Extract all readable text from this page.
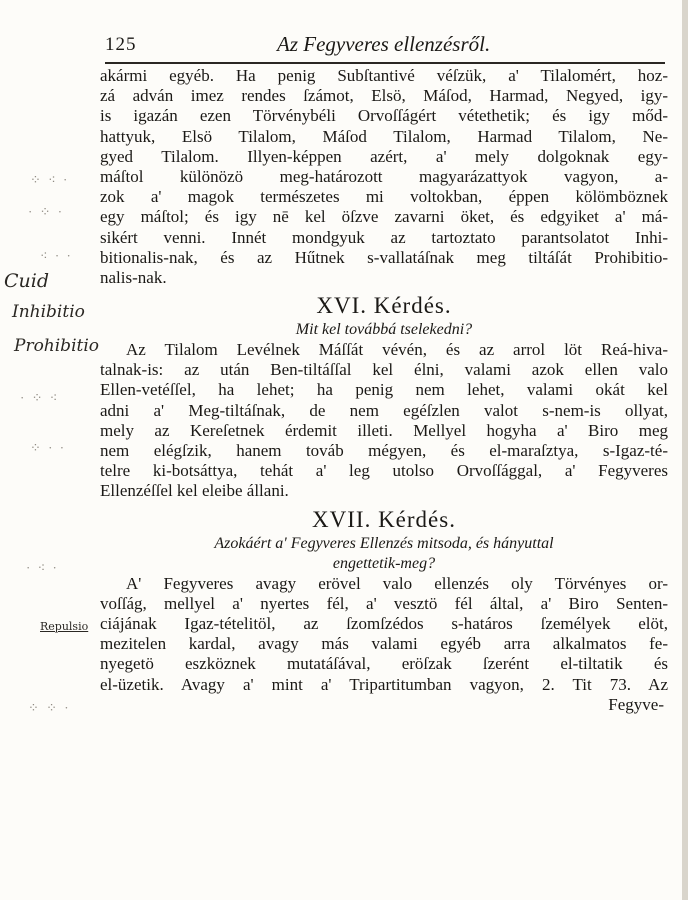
125	Az Fegyveres ellenzésről.
⁘ ⁖ ·
· ⁘ ·
⁖ · ·
· ⁘ ⁖
⁘ · ·
· ⁖ ·
⁘ ⁘ ·
Cuid
Inhibitio
Prohibitio
Repulsio
akármi egyéb. Ha penig Subſtantivé véſzük, a' Tilalomért, hoz-
zá adván imez rendes ſzámot, Elsö, Máſod, Harmad, Negyed, igy-
is igazán ezen Törvénybéli Orvoſſágért vétethetik; és igy mőd-
hattyuk, Elsö Tilalom, Máſod Tilalom, Harmad Tilalom, Ne-
gyed Tilalom. Illyen-képpen azért, a' mely dolgoknak egy-
máſtol különözö meg-határozott magyarázattyok vagyon, a-
zok a' magok természetes mi voltokban, éppen kölömböznek
egy máſtol; és igy nē kel öſzve zavarni öket, és edgyiket a' má-
sikért venni. Innét mondgyuk az tartoztato parantsolatot Inhi-
bitionalis-nak, és az Hűtnek s-vallatáſnak meg tiltáſát Prohibitio-
nalis-nak.
XVI. Kérdés.
Mit kel továbbá tselekedni?
Az Tilalom Levélnek Máſſát vévén, és az arrol löt Reá-hiva-
talnak-is: az után Ben-tiltáſſal kel élni, valami azok ellen valo
Ellen-vetéſſel, ha lehet; ha penig nem lehet, valami okát kel
adni a' Meg-tiltáſnak, de nem egéſzlen valot s-nem-is ollyat,
mely az Kereſetnek érdemit illeti. Mellyel hogyha a' Biro meg
nem elégſzik, hanem továb mégyen, és el-maraſztya, s-Igaz-té-
telre ki-botsáttya, tehát a' leg utolso Orvoſſággal, a' Fegyveres
Ellenzéſſel kel eleibe állani.
XVII. Kérdés.
Azokáért a' Fegyveres Ellenzés mitsoda, és hányuttal
engettetik-meg?
A' Fegyveres avagy erövel valo ellenzés oly Törvényes or-
voſſág, mellyel a' nyertes fél, a' vesztö fél által, a' Biro Senten-
ciájának Igaz-tételitöl, az ſzomſzédos s-határos ſzemélyek elöt,
mezitelen kardal, avagy más valami egyéb arra alkalmatos fe-
nyegetö eszköznek mutatáſával, eröſzak ſzerént el-tiltatik és
el-üzetik. Avagy a' mint a' Tripartitumban vagyon, 2. Tit 73. Az
Fegyve-
